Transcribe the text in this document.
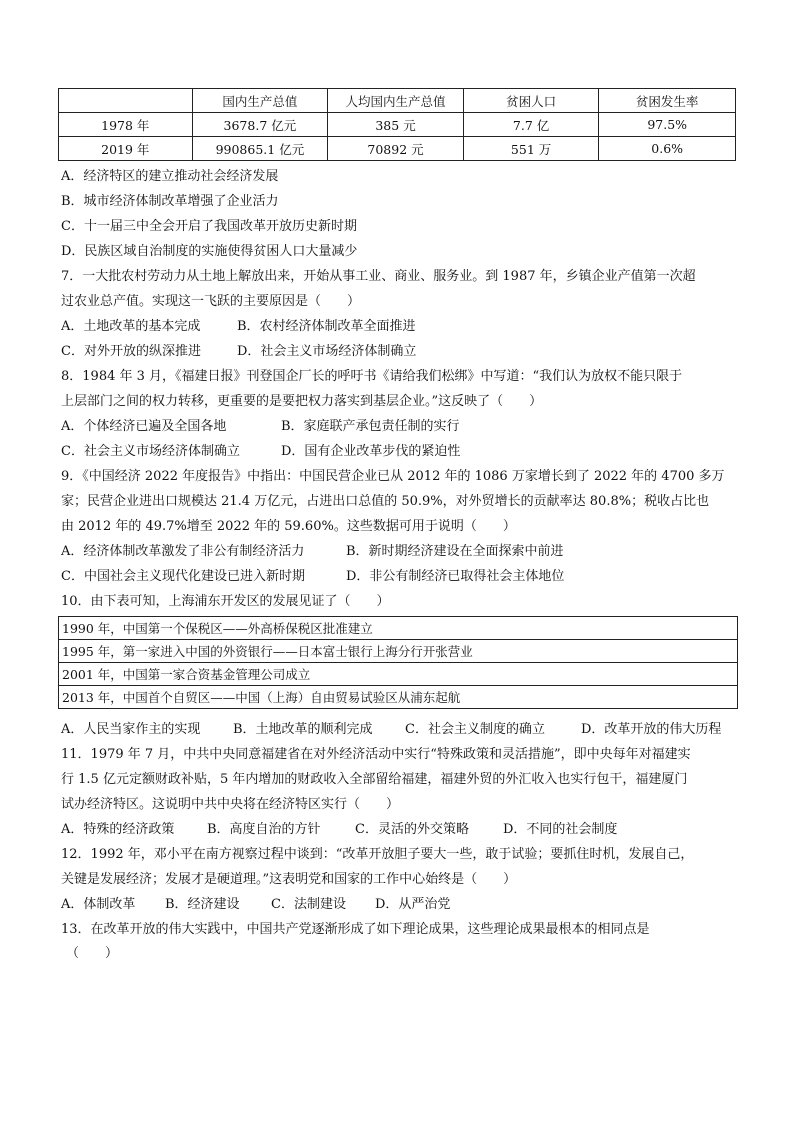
	国内生产总值	人均国内生产总值	贫困人口	贫困发生率
1978 年	3678.7 亿元	385 元	7.7 亿	97.5%
2019 年	990865.1 亿元	70892 元	551 万	0.6%
A．经济特区的建立推动社会经济发展
B．城市经济体制改革增强了企业活力
C．十一届三中全会开启了我国改革开放历史新时期
D．民族区域自治制度的实施使得贫困人口大量减少
7．一大批农村劳动力从土地上解放出来，开始从事工业、商业、服务业。到 1987 年，乡镇企业产值第一次超
过农业总产值。实现这一飞跃的主要原因是（　　）
A．土地改革的基本完成	B．农村经济体制改革全面推进
C．对外开放的纵深推进	D．社会主义市场经济体制确立
8．1984 年 3 月，《福建日报》刊登国企厂长的呼吁书《请给我们松绑》中写道：“我们认为放权不能只限于
上层部门之间的权力转移，更重要的是要把权力落实到基层企业。”这反映了（　　）
A．个体经济已遍及全国各地	B．家庭联产承包责任制的实行
C．社会主义市场经济体制确立	D．国有企业改革步伐的紧迫性
9．《中国经济 2022 年度报告》中指出：中国民营企业已从 2012 年的 1086 万家增长到了 2022 年的 4700 多万
家；民营企业进出口规模达 21.4 万亿元，占进出口总值的 50.9%，对外贸增长的贡献率达 80.8%；税收占比也
由 2012 年的 49.7%增至 2022 年的 59.60%。这些数据可用于说明（　　）
A．经济体制改革激发了非公有制经济活力	B．新时期经济建设在全面探索中前进
C．中国社会主义现代化建设已进入新时期	D．非公有制经济已取得社会主体地位
10．由下表可知，上海浦东开发区的发展见证了（　　）
1990 年，中国第一个保税区——外高桥保税区批准建立
1995 年，第一家进入中国的外资银行——日本富士银行上海分行开张营业
2001 年，中国第一家合资基金管理公司成立
2013 年，中国首个自贸区——中国（上海）自由贸易试验区从浦东起航
A．人民当家作主的实现	B．土地改革的顺利完成 C．社会主义制度的确立	D．改革开放的伟大历程
11．1979 年 7 月，中共中央同意福建省在对外经济活动中实行“特殊政策和灵活措施”，即中央每年对福建实
行 1.5 亿元定额财政补贴，5 年内增加的财政收入全部留给福建，福建外贸的外汇收入也实行包干，福建厦门
试办经济特区。这说明中共中央将在经济特区实行（　　）
A．特殊的经济政策	B．高度自治的方针	C．灵活的外交策略	D．不同的社会制度
12．1992 年，邓小平在南方视察过程中谈到：“改革开放胆子要大一些，敢于试验；要抓住时机，发展自己，
关键是发展经济；发展才是硬道理。”这表明党和国家的工作中心始终是（　　）
A．体制改革 B．经济建设 C．法制建设 D．从严治党
13．在改革开放的伟大实践中，中国共产党逐渐形成了如下理论成果，这些理论成果最根本的相同点是
（　　）
